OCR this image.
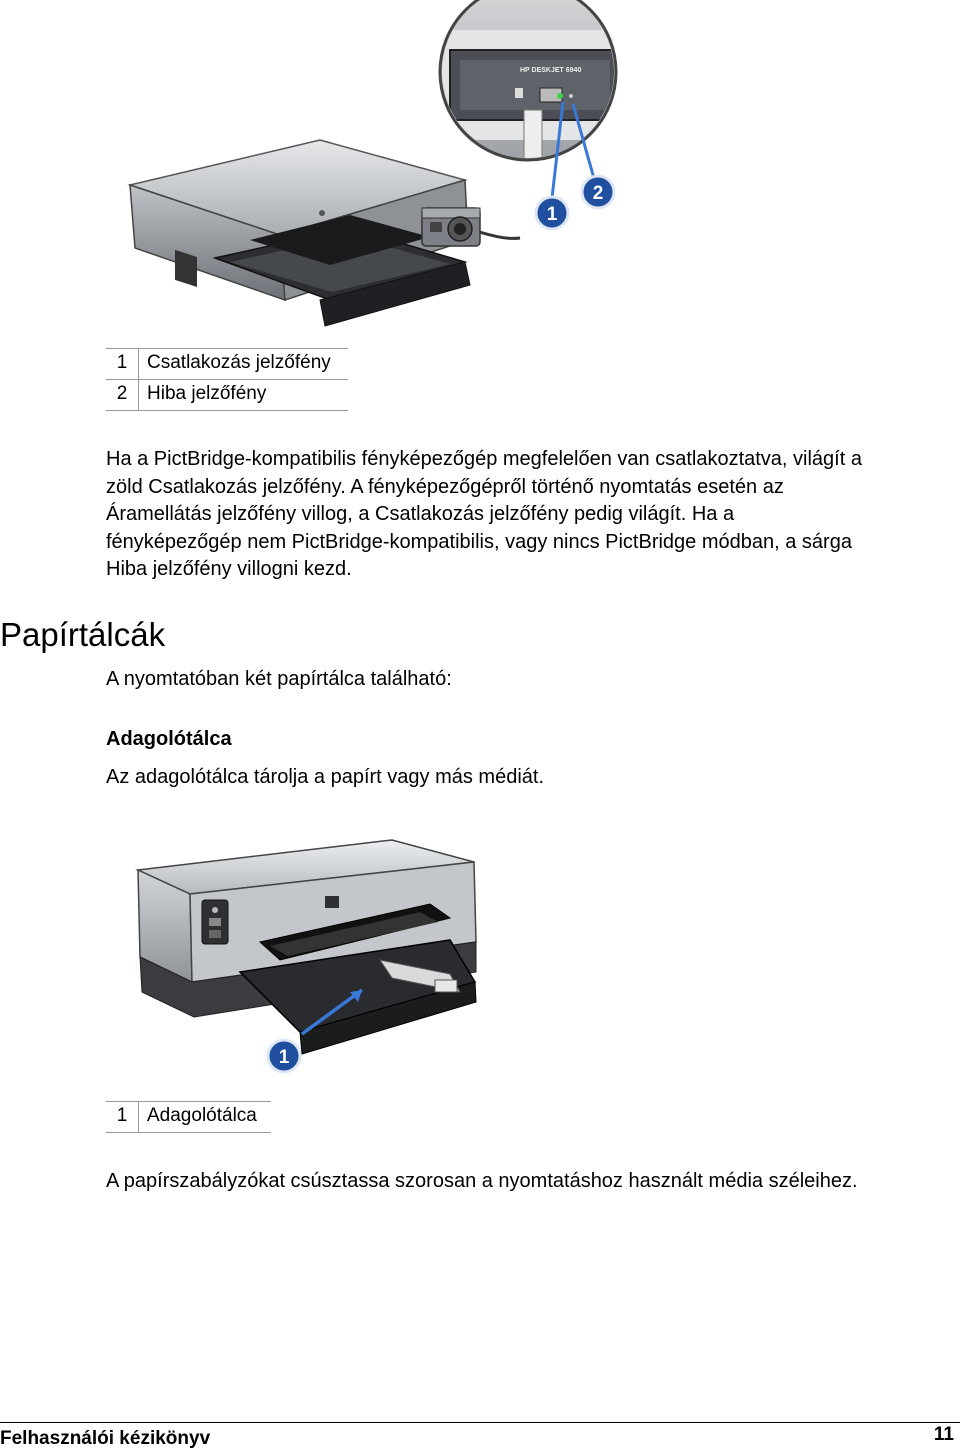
HP DESKJET 6940
1
2
1	Csatlakozás jelzőfény
2	Hiba jelzőfény
Ha a PictBridge-kompatibilis fényképezőgép megfelelően van csatlakoztatva, világít a
zöld Csatlakozás jelzőfény. A fényképezőgépről történő nyomtatás esetén az
Áramellátás jelzőfény villog, a Csatlakozás jelzőfény pedig világít. Ha a
fényképezőgép nem PictBridge-kompatibilis, vagy nincs PictBridge módban, a sárga
Hiba jelzőfény villogni kezd.
Papírtálcák
A nyomtatóban két papírtálca található:
Adagolótálca
Az adagolótálca tárolja a papírt vagy más médiát.
1
1	Adagolótálca
A papírszabályzókat csúsztassa szorosan a nyomtatáshoz használt média széleihez.
Felhasználói kézikönyv	11
